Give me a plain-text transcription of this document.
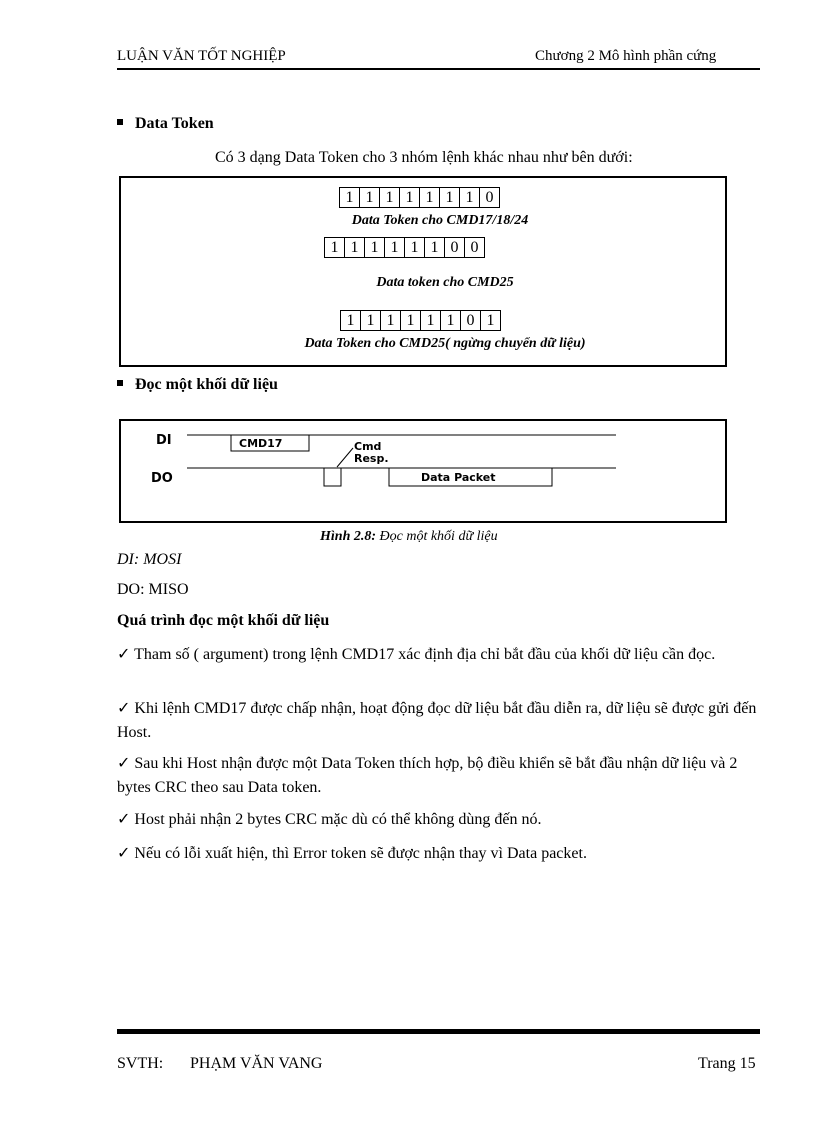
LUẬN VĂN TỐT NGHIỆP	Chương 2 Mô hình phần cứng
Data Token
Có 3 dạng Data Token cho 3 nhóm lệnh khác nhau như bên dưới:
1 1 1 1 1 1 1 0
Data Token cho CMD17/18/24
1 1 1 1 1 1 0 0
Data token cho CMD25
1 1 1 1 1 1 0 1
Data Token cho CMD25( ngừng chuyển dữ liệu)
Đọc một khối dữ liệu
DI	CMD17	Cmd
Resp.
DO	Data Packet
Hình 2.8: Đọc một khối dữ liệu
DI: MOSI
DO: MISO
Quá trình đọc một khối dữ liệu
✓ Tham số ( argument) trong lệnh CMD17 xác định địa chỉ bắt đầu của khối dữ liệu cần đọc.
✓ Khi lệnh CMD17 được chấp nhận, hoạt động đọc dữ liệu bắt đầu diễn ra, dữ liệu sẽ được gửi đến Host.
✓ Sau khi Host nhận được một Data Token thích hợp, bộ điều khiển sẽ bắt đầu nhận dữ liệu và 2 bytes CRC theo sau Data token.
✓ Host phải nhận 2 bytes CRC mặc dù có thể không dùng đến nó.
✓ Nếu có lỗi xuất hiện, thì Error token sẽ được nhận thay vì Data packet.
SVTH: PHẠM VĂN VANG	Trang 15
